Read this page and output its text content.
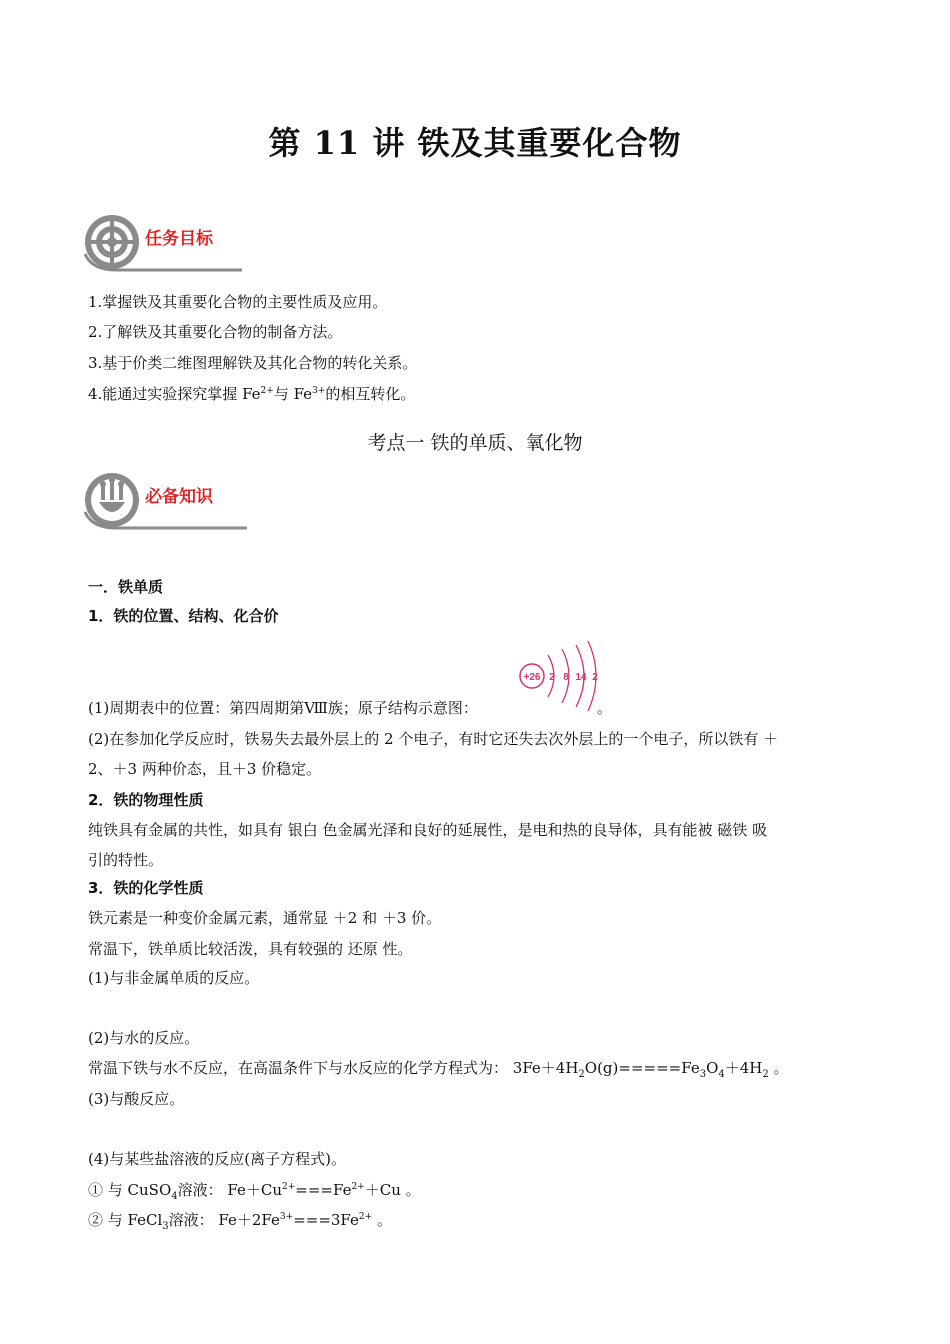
第 11 讲 铁及其重要化合物
任务目标
1.掌握铁及其重要化合物的主要性质及应用。
2.了解铁及其重要化合物的制备方法。
3.基于价类二维图理解铁及其化合物的转化关系。
4.能通过实验探究掌握 $Fe^{2+}$与 $Fe^{3+}$的相互转化。
考点一 铁的单质、氧化物
必备知识
一．铁单质
1．铁的位置、结构、化合价
+26 2 8 14 2
(1)周期表中的位置：第四周期第Ⅷ族；原子结构示意图：	。
(2)在参加化学反应时，铁易失去最外层上的 2 个电子，有时它还失去次外层上的一个电子，所以铁有 ＋
2、＋3 两种价态，且＋3 价稳定。
2．铁的物理性质
纯铁具有金属的共性，如具有 银白 色金属光泽和良好的延展性，是电和热的良导体，具有能被 磁铁 吸
引的特性。
3．铁的化学性质
铁元素是一种变价金属元素，通常显 ＋2 和 ＋3 价。
常温下，铁单质比较活泼，具有较强的 还原 性。
(1)与非金属单质的反应。
(2)与水的反应。
常温下铁与水不反应，在高温条件下与水反应的化学方程式为： $3Fe+4H_2O(g)=====Fe_3O_4+4H_2$ 。
(3)与酸反应。
(4)与某些盐溶液的反应(离子方程式)。
① 与 CuSO$_4$溶液： $Fe+Cu^{2+}===Fe^{2+}+Cu$ 。
② 与 FeCl$_3$溶液： $Fe+2Fe^{3+}===3Fe^{2+}$ 。
